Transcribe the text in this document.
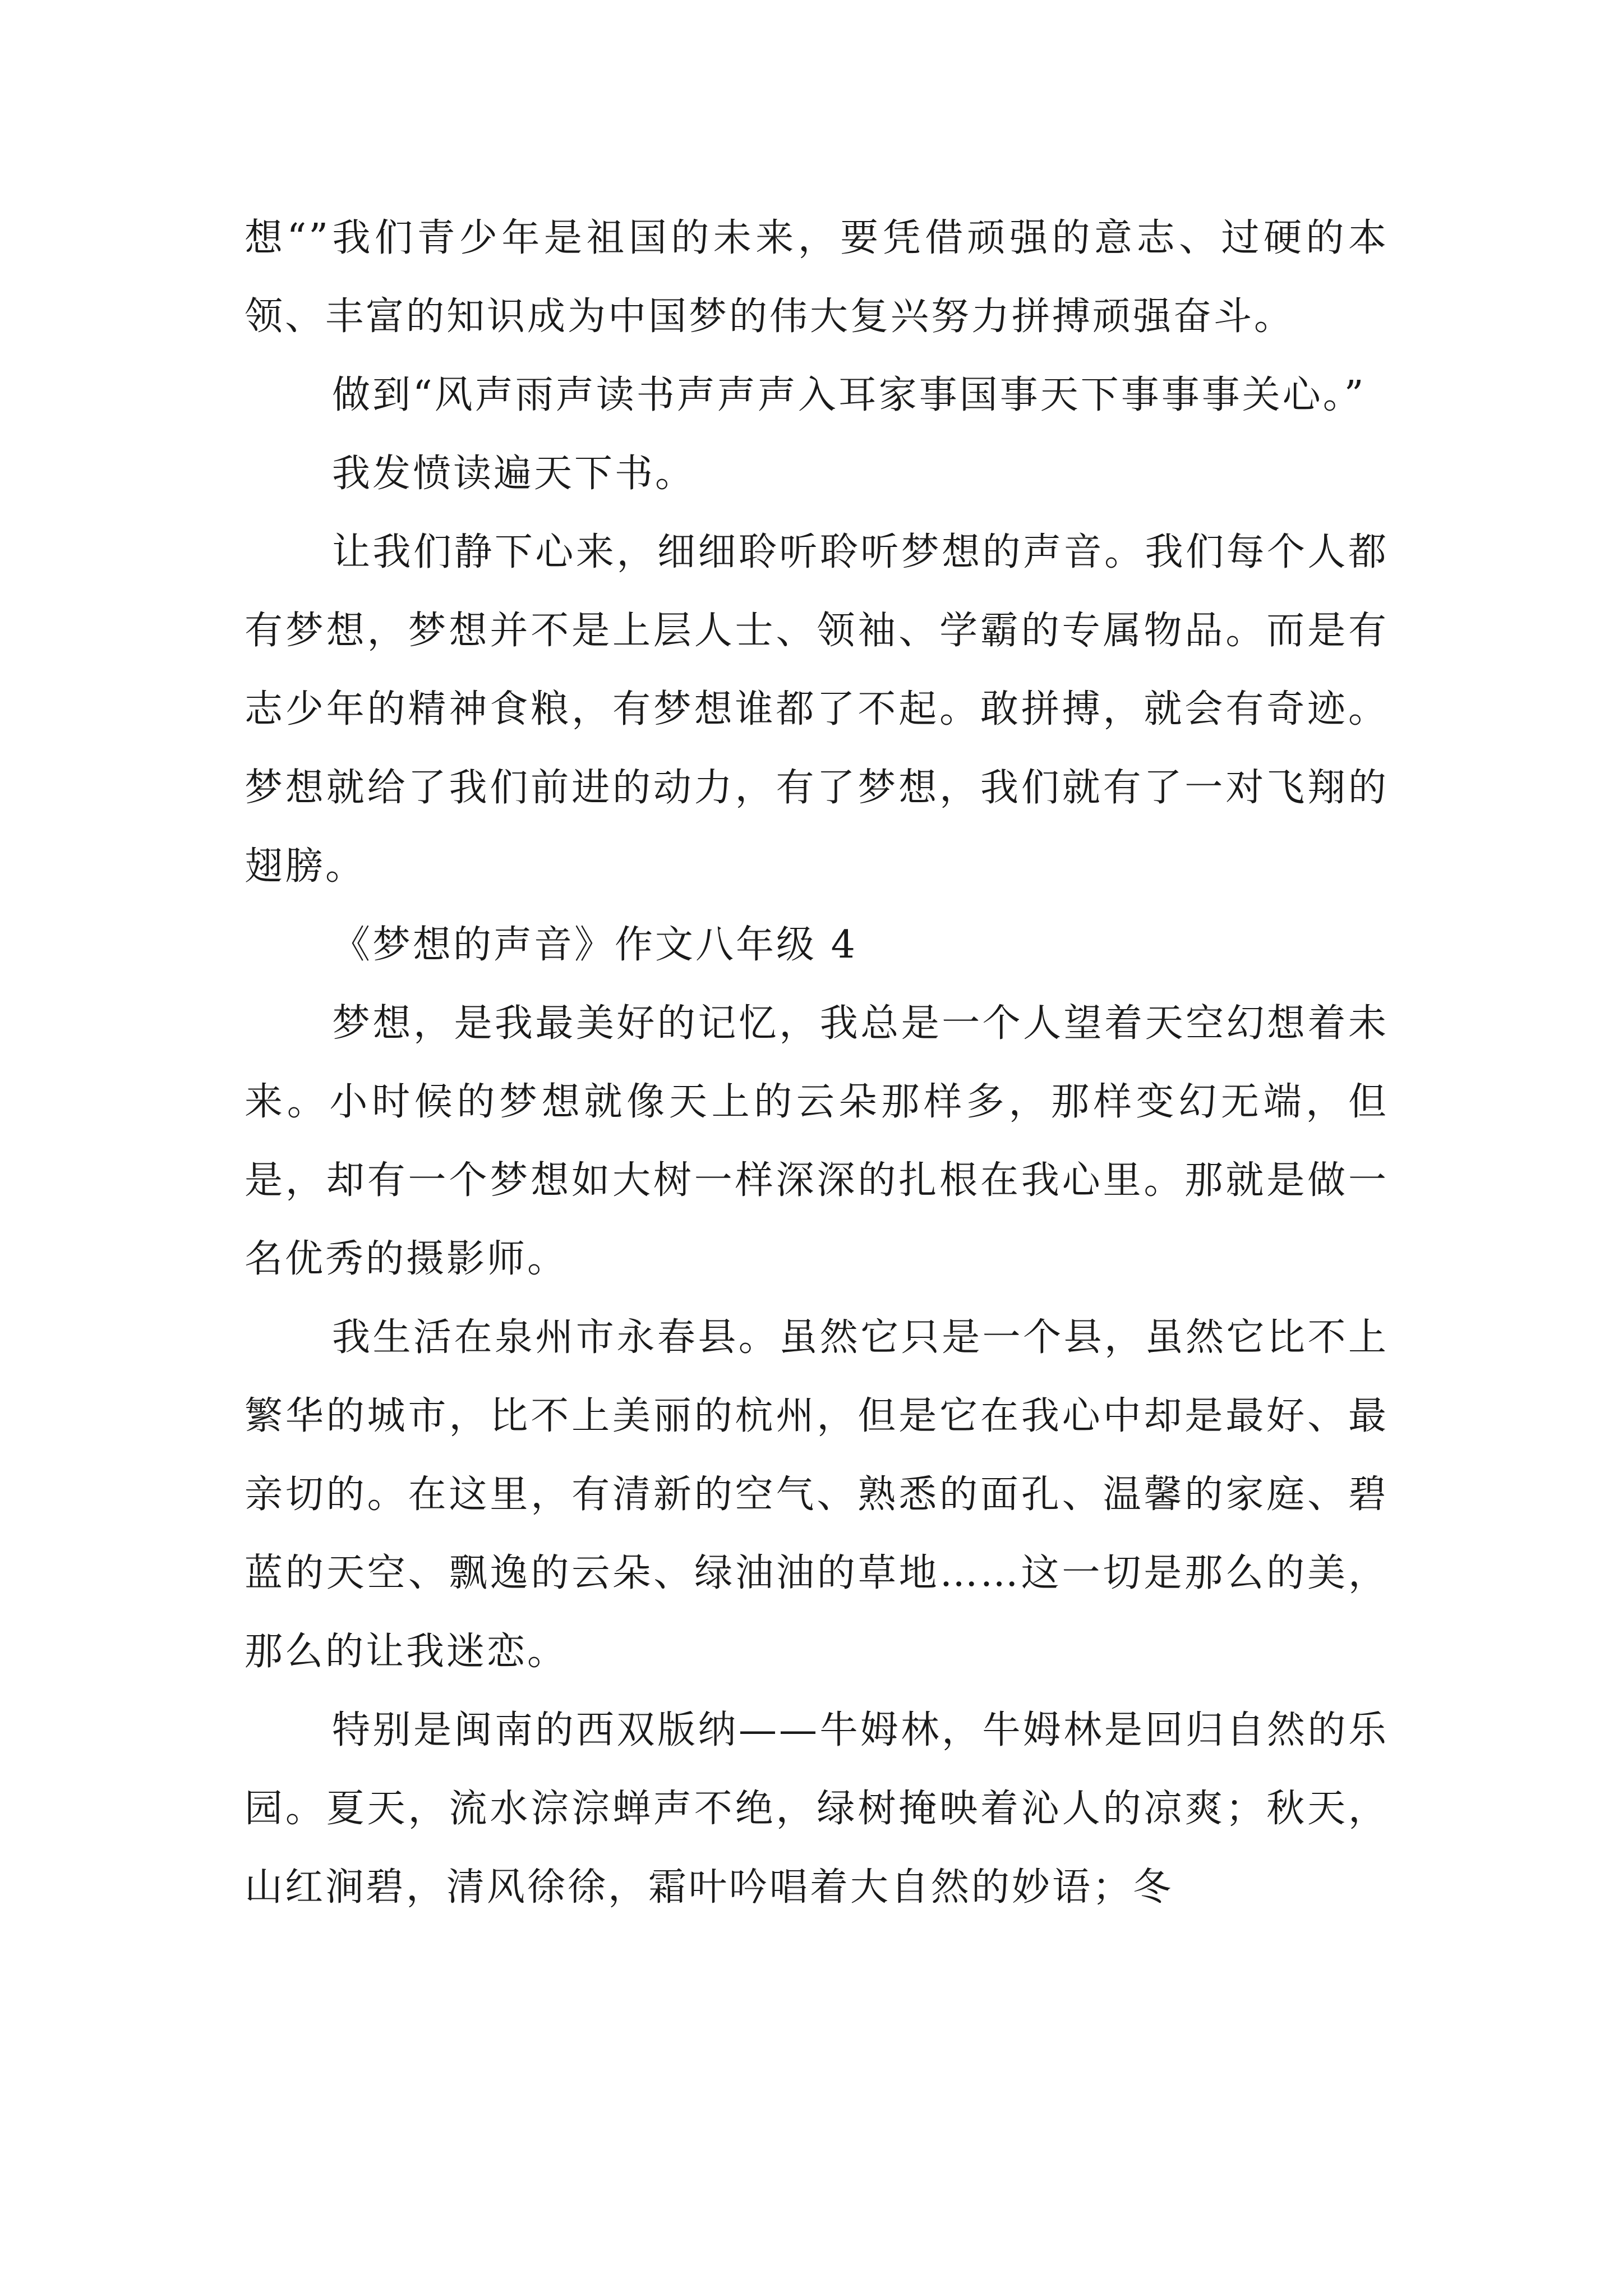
想“”我们青少年是祖国的未来，要凭借顽强的意志、过硬的本领、丰富的知识成为中国梦的伟大复兴努力拼搏顽强奋斗。

做到“风声雨声读书声声声入耳家事国事天下事事事关心。”

我发愤读遍天下书。

让我们静下心来，细细聆听聆听梦想的声音。我们每个人都有梦想，梦想并不是上层人士、领袖、学霸的专属物品。而是有志少年的精神食粮，有梦想谁都了不起。敢拼搏，就会有奇迹。梦想就给了我们前进的动力，有了梦想，我们就有了一对飞翔的翅膀。

《梦想的声音》作文八年级 4

梦想，是我最美好的记忆，我总是一个人望着天空幻想着未来。小时候的梦想就像天上的云朵那样多，那样变幻无端，但是，却有一个梦想如大树一样深深的扎根在我心里。那就是做一名优秀的摄影师。

我生活在泉州市永春县。虽然它只是一个县，虽然它比不上繁华的城市，比不上美丽的杭州，但是它在我心中却是最好、最亲切的。在这里，有清新的空气、熟悉的面孔、温馨的家庭、碧蓝的天空、飘逸的云朵、绿油油的草地……这一切是那么的美，那么的让我迷恋。

特别是闽南的西双版纳——牛姆林，牛姆林是回归自然的乐园。夏天，流水淙淙蝉声不绝，绿树掩映着沁人的凉爽；秋天，山红涧碧，清风徐徐，霜叶吟唱着大自然的妙语；冬
